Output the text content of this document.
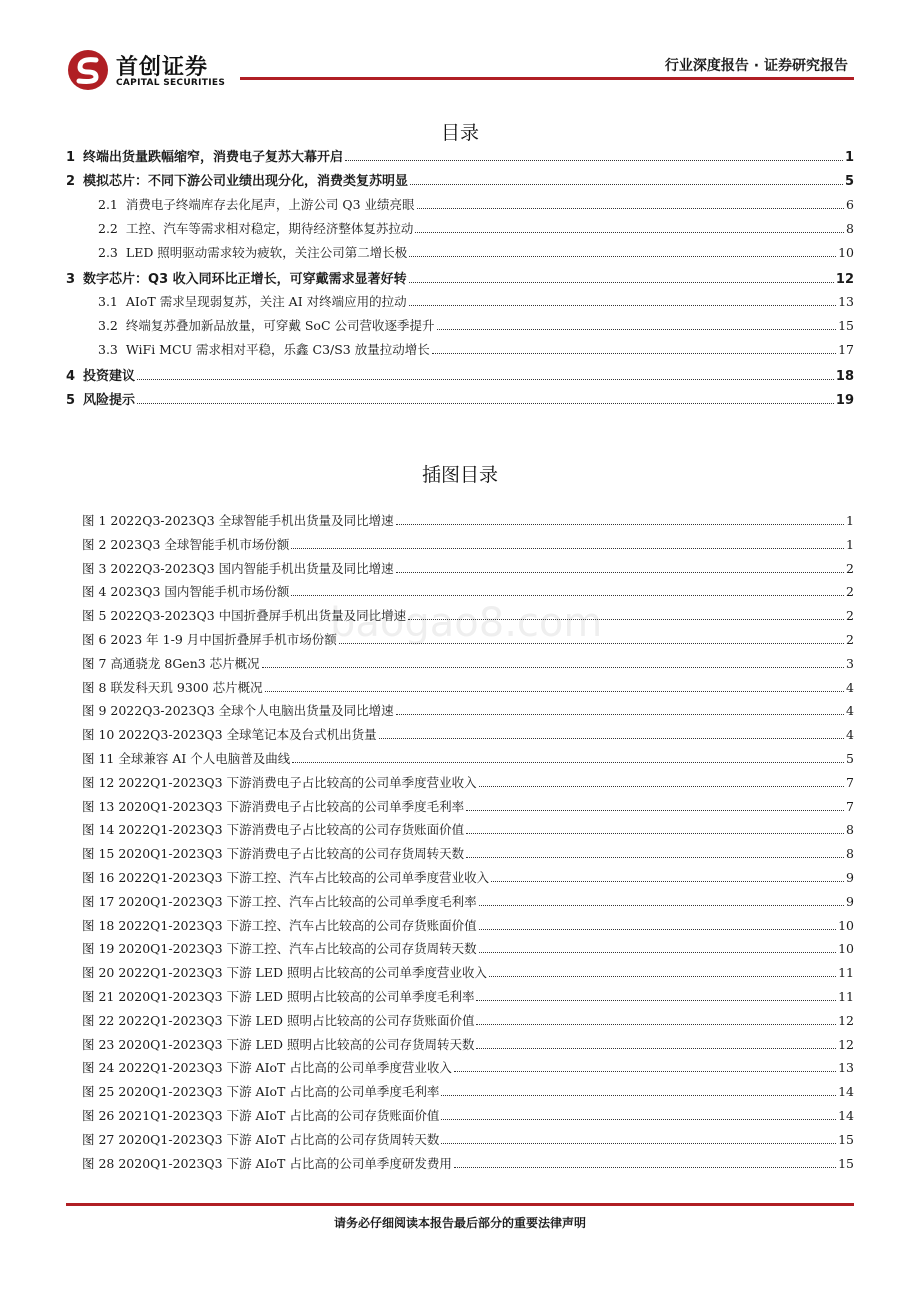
首创证券
CAPITAL SECURITIES
行业深度报告 · 证券研究报告
baogao8.com
目录
1 终端出货量跌幅缩窄，消费电子复苏大幕开启	1
2 模拟芯片：不同下游公司业绩出现分化，消费类复苏明显	5
2.1 消费电子终端库存去化尾声，上游公司 Q3 业绩亮眼	6
2.2 工控、汽车等需求相对稳定，期待经济整体复苏拉动	8
2.3 LED 照明驱动需求较为疲软，关注公司第二增长极	10
3 数字芯片：Q3 收入同环比正增长，可穿戴需求显著好转	12
3.1 AIoT 需求呈现弱复苏，关注 AI 对终端应用的拉动	13
3.2 终端复苏叠加新品放量，可穿戴 SoC 公司营收逐季提升	15
3.3 WiFi MCU 需求相对平稳，乐鑫 C3/S3 放量拉动增长	17
4 投资建议	18
5 风险提示	19
插图目录
图 1 2022Q3-2023Q3 全球智能手机出货量及同比增速	1
图 2 2023Q3 全球智能手机市场份额	1
图 3 2022Q3-2023Q3 国内智能手机出货量及同比增速	2
图 4 2023Q3 国内智能手机市场份额	2
图 5 2022Q3-2023Q3 中国折叠屏手机出货量及同比增速	2
图 6 2023 年 1-9 月中国折叠屏手机市场份额	2
图 7 高通骁龙 8Gen3 芯片概况	3
图 8 联发科天玑 9300 芯片概况	4
图 9 2022Q3-2023Q3 全球个人电脑出货量及同比增速	4
图 10 2022Q3-2023Q3 全球笔记本及台式机出货量	4
图 11 全球兼容 AI 个人电脑普及曲线	5
图 12 2022Q1-2023Q3 下游消费电子占比较高的公司单季度营业收入	7
图 13 2020Q1-2023Q3 下游消费电子占比较高的公司单季度毛利率	7
图 14 2022Q1-2023Q3 下游消费电子占比较高的公司存货账面价值	8
图 15 2020Q1-2023Q3 下游消费电子占比较高的公司存货周转天数	8
图 16 2022Q1-2023Q3 下游工控、汽车占比较高的公司单季度营业收入	9
图 17 2020Q1-2023Q3 下游工控、汽车占比较高的公司单季度毛利率	9
图 18 2022Q1-2023Q3 下游工控、汽车占比较高的公司存货账面价值	10
图 19 2020Q1-2023Q3 下游工控、汽车占比较高的公司存货周转天数	10
图 20 2022Q1-2023Q3 下游 LED 照明占比较高的公司单季度营业收入	11
图 21 2020Q1-2023Q3 下游 LED 照明占比较高的公司单季度毛利率	11
图 22 2022Q1-2023Q3 下游 LED 照明占比较高的公司存货账面价值	12
图 23 2020Q1-2023Q3 下游 LED 照明占比较高的公司存货周转天数	12
图 24 2022Q1-2023Q3 下游 AIoT 占比高的公司单季度营业收入	13
图 25 2020Q1-2023Q3 下游 AIoT 占比高的公司单季度毛利率	14
图 26 2021Q1-2023Q3 下游 AIoT 占比高的公司存货账面价值	14
图 27 2020Q1-2023Q3 下游 AIoT 占比高的公司存货周转天数	15
图 28 2020Q1-2023Q3 下游 AIoT 占比高的公司单季度研发费用	15
请务必仔细阅读本报告最后部分的重要法律声明
